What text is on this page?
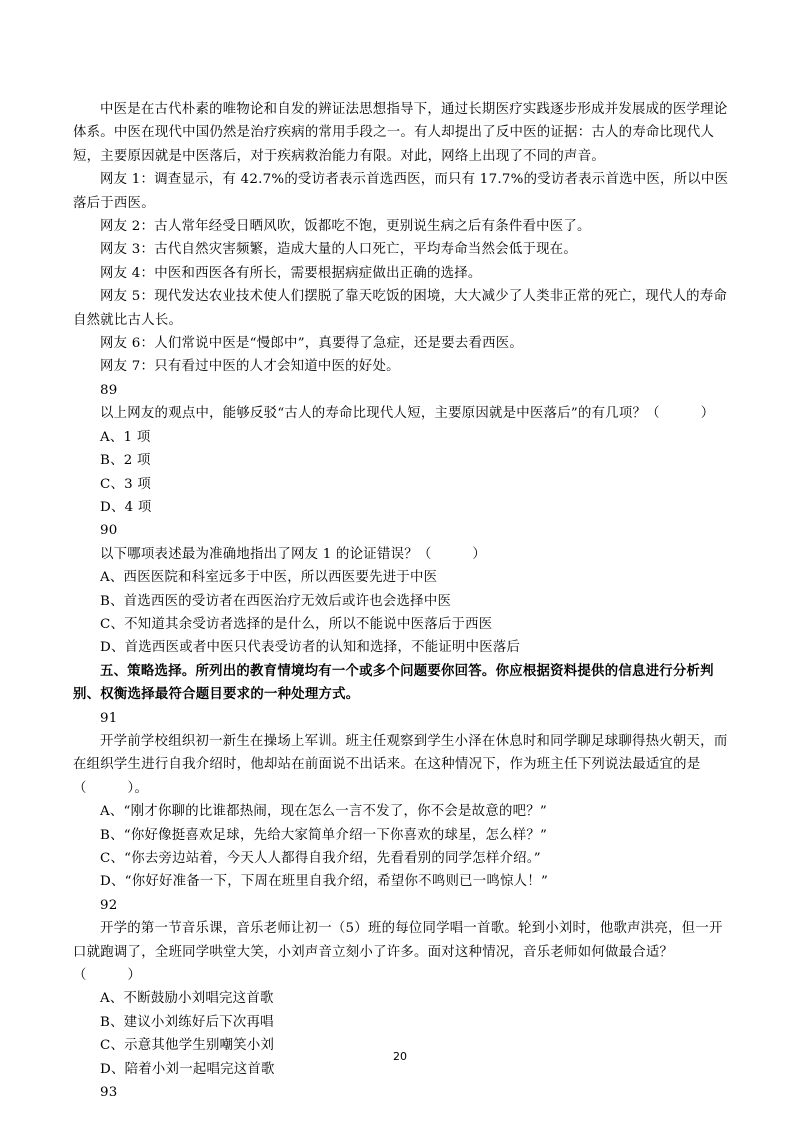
中医是在古代朴素的唯物论和自发的辨证法思想指导下，通过长期医疗实践逐步形成并发展成的医学理论体系。中医在现代中国仍然是治疗疾病的常用手段之一。有人却提出了反中医的证据：古人的寿命比现代人短，主要原因就是中医落后，对于疾病救治能力有限。对此，网络上出现了不同的声音。

网友 1：调查显示，有 42.7%的受访者表示首选西医，而只有 17.7%的受访者表示首选中医，所以中医落后于西医。

网友 2：古人常年经受日晒风吹，饭都吃不饱，更别说生病之后有条件看中医了。

网友 3：古代自然灾害频繁，造成大量的人口死亡，平均寿命当然会低于现在。

网友 4：中医和西医各有所长，需要根据病症做出正确的选择。

网友 5：现代发达农业技术使人们摆脱了靠天吃饭的困境，大大减少了人类非正常的死亡，现代人的寿命自然就比古人长。

网友 6：人们常说中医是“慢郎中”，真要得了急症，还是要去看西医。

网友 7：只有看过中医的人才会知道中医的好处。

89

以上网友的观点中，能够反驳“古人的寿命比现代人短，主要原因就是中医落后”的有几项？（　　　）

A、1 项

B、2 项

C、3 项

D、4 项

90

以下哪项表述最为准确地指出了网友 1 的论证错误？（　　　）

A、西医医院和科室远多于中医，所以西医要先进于中医

B、首选西医的受访者在西医治疗无效后或许也会选择中医

C、不知道其余受访者选择的是什么，所以不能说中医落后于西医

D、首选西医或者中医只代表受访者的认知和选择，不能证明中医落后

五、策略选择。所列出的教育情境均有一个或多个问题要你回答。你应根据资料提供的信息进行分析判别、权衡选择最符合题目要求的一种处理方式。

91

开学前学校组织初一新生在操场上军训。班主任观察到学生小泽在休息时和同学聊足球聊得热火朝天，而在组织学生进行自我介绍时，他却站在前面说不出话来。在这种情况下，作为班主任下列说法最适宜的是（　　　）。

A、“刚才你聊的比谁都热闹，现在怎么一言不发了，你不会是故意的吧？”

B、“你好像挺喜欢足球，先给大家简单介绍一下你喜欢的球星，怎么样？”

C、“你去旁边站着，今天人人都得自我介绍，先看看别的同学怎样介绍。”

D、“你好好准备一下，下周在班里自我介绍，希望你不鸣则已一鸣惊人！”

92

开学的第一节音乐课，音乐老师让初一（5）班的每位同学唱一首歌。轮到小刘时，他歌声洪亮，但一开口就跑调了，全班同学哄堂大笑，小刘声音立刻小了许多。面对这种情况，音乐老师如何做最合适？（　　　）

A、不断鼓励小刘唱完这首歌

B、建议小刘练好后下次再唱

C、示意其他学生别嘲笑小刘

D、陪着小刘一起唱完这首歌

93

20
